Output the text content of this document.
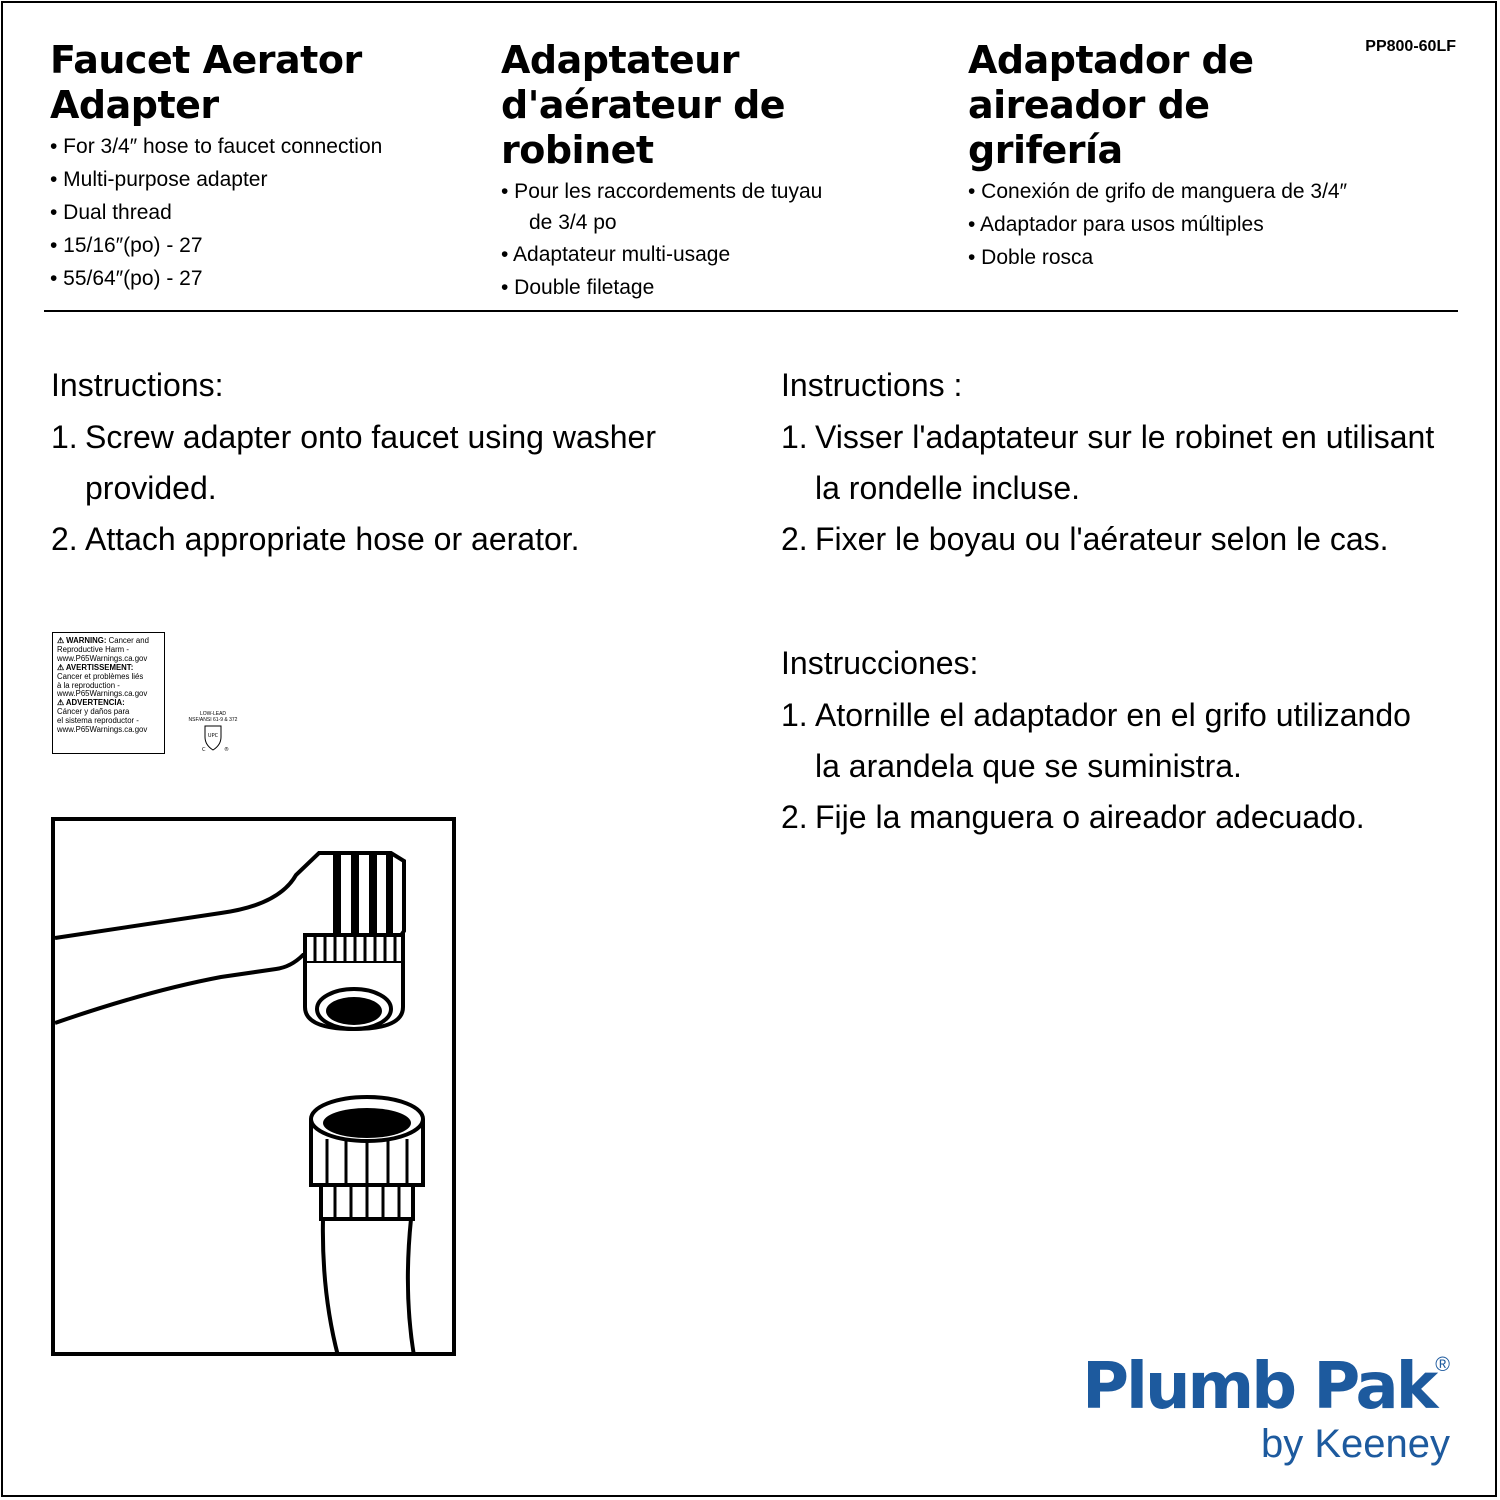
PP800-60LF
Faucet Aerator
Adapter
• For 3/4″ hose to faucet connection
• Multi-purpose adapter
• Dual thread
• 15/16″(po) - 27
• 55/64″(po) - 27
Adaptateur
d'aérateur de
robinet
• Pour les raccordements de tuyau
de 3/4 po
• Adaptateur multi-usage
• Double filetage
Adaptador de
aireador de
grifería
• Conexión de grifo de manguera de 3/4″
• Adaptador para usos múltiples
• Doble rosca
Instructions:
1. Screw adapter onto faucet using washer
provided.
2. Attach appropriate hose or aerator.
Instructions :
1. Visser l'adaptateur sur le robinet en utilisant
la rondelle incluse.
2. Fixer le boyau ou l'aérateur selon le cas.
Instrucciones:
1. Atornille el adaptador en el grifo utilizando
la arandela que se suministra.
2. Fije la manguera o aireador adecuado.
⚠ WARNING: Cancer and
Reproductive Harm -
www.P65Warnings.ca.gov
⚠ AVERTISSEMENT:
Cancer et problèmes liés
à la reproduction -
www.P65Warnings.ca.gov
⚠ ADVERTENCIA:
Cáncer y daños para
el sistema reproductor -
www.P65Warnings.ca.gov
LOW-LEAD
NSF/ANSI 61-9 & 372
UPC
C	®
Plumb Pak®
by Keeney
